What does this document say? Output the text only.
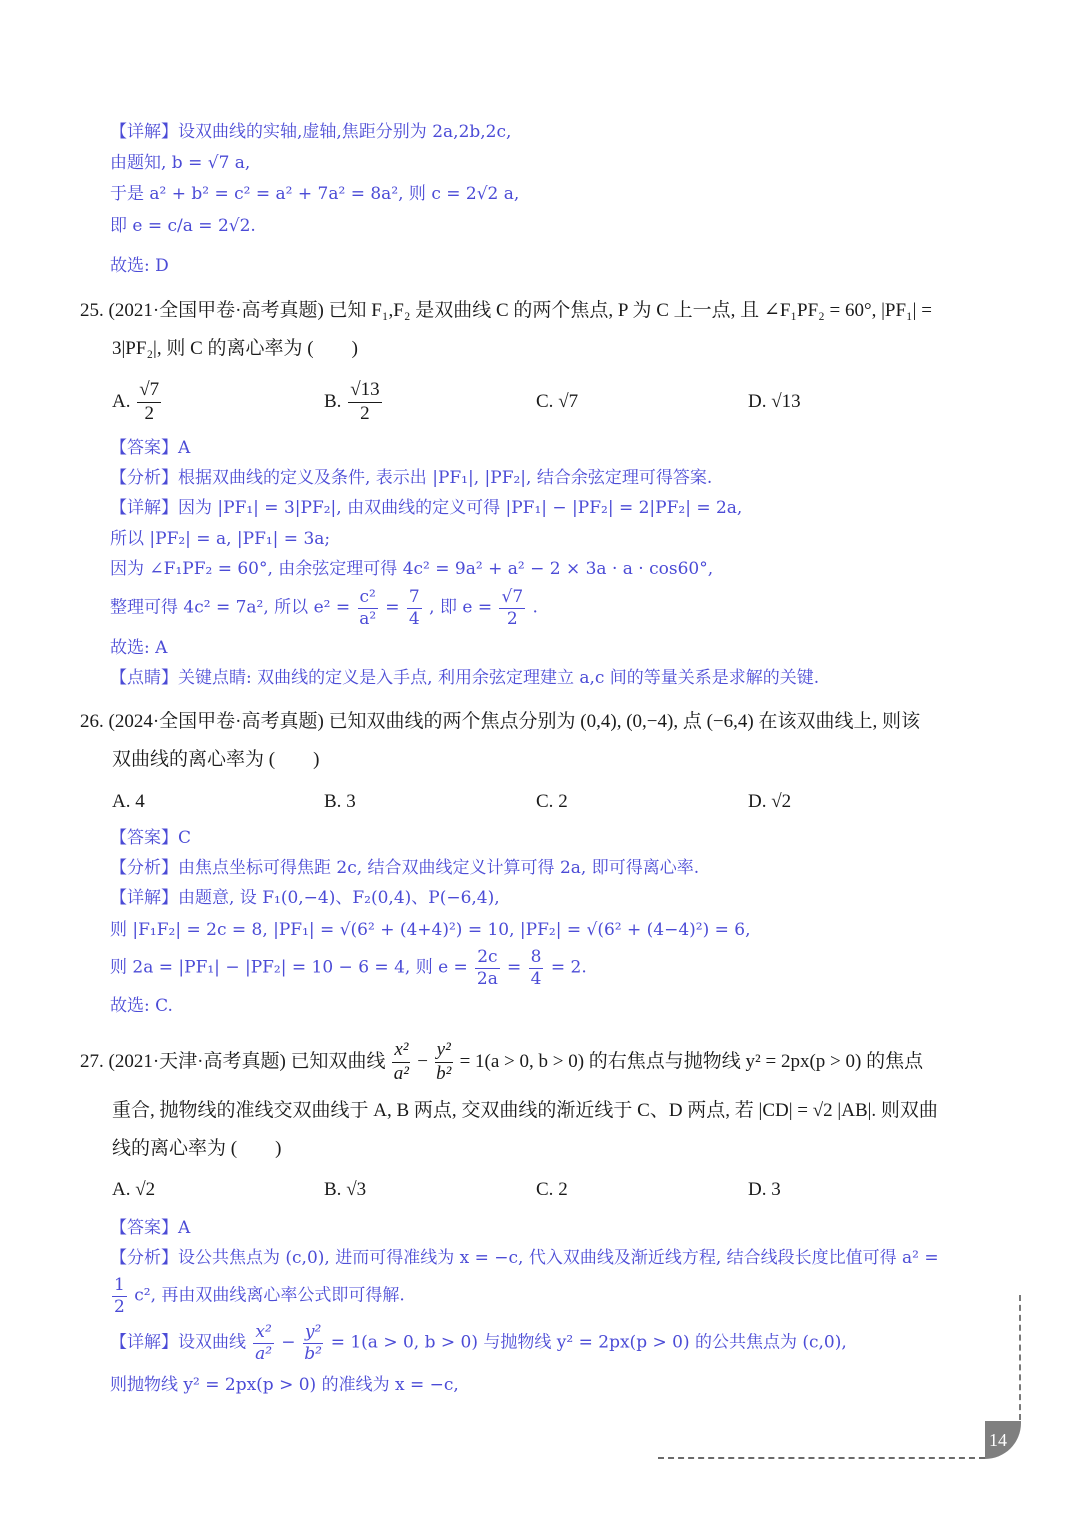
【详解】设双曲线的实轴,虚轴,焦距分别为 2a,2b,2c,
由题知, b = √7 a,
于是 a² + b² = c² = a² + 7a² = 8a², 则 c = 2√2 a,
即 e = c/a = 2√2.
故选: D
25. (2021·全国甲卷·高考真题) 已知 F₁,F₂ 是双曲线 C 的两个焦点, P 为 C 上一点, 且 ∠F₁PF₂ = 60°, |PF₁| =
3|PF₂|, 则 C 的离心率为 (　　)
A. $\frac{√7}{2}$	B. $\frac{√13}{2}$	C. √7	D. √13
【答案】A
【分析】根据双曲线的定义及条件, 表示出 |PF₁|, |PF₂|, 结合余弦定理可得答案.
【详解】因为 |PF₁| = 3|PF₂|, 由双曲线的定义可得 |PF₁| − |PF₂| = 2|PF₂| = 2a,
所以 |PF₂| = a, |PF₁| = 3a;
因为 ∠F₁PF₂ = 60°, 由余弦定理可得 4c² = 9a² + a² − 2 × 3a · a · cos60°,
整理可得 4c² = 7a², 所以 $e^2 = \frac{\text{c²}}{\text{a²}} = \frac{7}{4}$ , 即 $e = \frac{√7}{2}$ .
故选: A
【点睛】关键点睛: 双曲线的定义是入手点, 利用余弦定理建立 a,c 间的等量关系是求解的关键.
26. (2024·全国甲卷·高考真题) 已知双曲线的两个焦点分别为 (0,4), (0,−4), 点 (−6,4) 在该双曲线上, 则该
双曲线的离心率为 (　　)
A. 4	B. 3	C. 2	D. √2
【答案】C
【分析】由焦点坐标可得焦距 2c, 结合双曲线定义计算可得 2a, 即可得离心率.
【详解】由题意, 设 F₁(0,−4)、F₂(0,4)、P(−6,4),
则 |F₁F₂| = 2c = 8, |PF₁| = √(6² + (4+4)²) = 10, |PF₂| = √(6² + (4−4)²) = 6,
则 2a = |PF₁| − |PF₂| = 10 − 6 = 4, 则 $e = \frac{2c}{2a} = \frac{8}{4} = 2$.
故选: C.
27. (2021·天津·高考真题) 已知双曲线 $\frac{\text{x²}}{\text{a²}} - \frac{\text{y²}}{\text{b²}} = 1(a > 0$, b > 0) 的右焦点与抛物线 y² = 2px(p > 0) 的焦点
重合, 抛物线的准线交双曲线于 A, B 两点, 交双曲线的渐近线于 C、D 两点, 若 |CD| = √2 |AB|. 则双曲
线的离心率为 (　　)
A. √2	B. √3	C. 2	D. 3
【答案】A
【分析】设公共焦点为 (c,0), 进而可得准线为 x = −c, 代入双曲线及渐近线方程, 结合线段长度比值可得 a² =
$\frac{1}{2} c^2$, 再由双曲线离心率公式即可得解.
【详解】设双曲线 $\frac{\text{x²}}{\text{a²}} - \frac{\text{y²}}{\text{b²}} = 1(a > 0$, b > 0) 与抛物线 y² = 2px(p > 0) 的公共焦点为 (c,0),
则抛物线 y² = 2px(p > 0) 的准线为 x = −c,
14
